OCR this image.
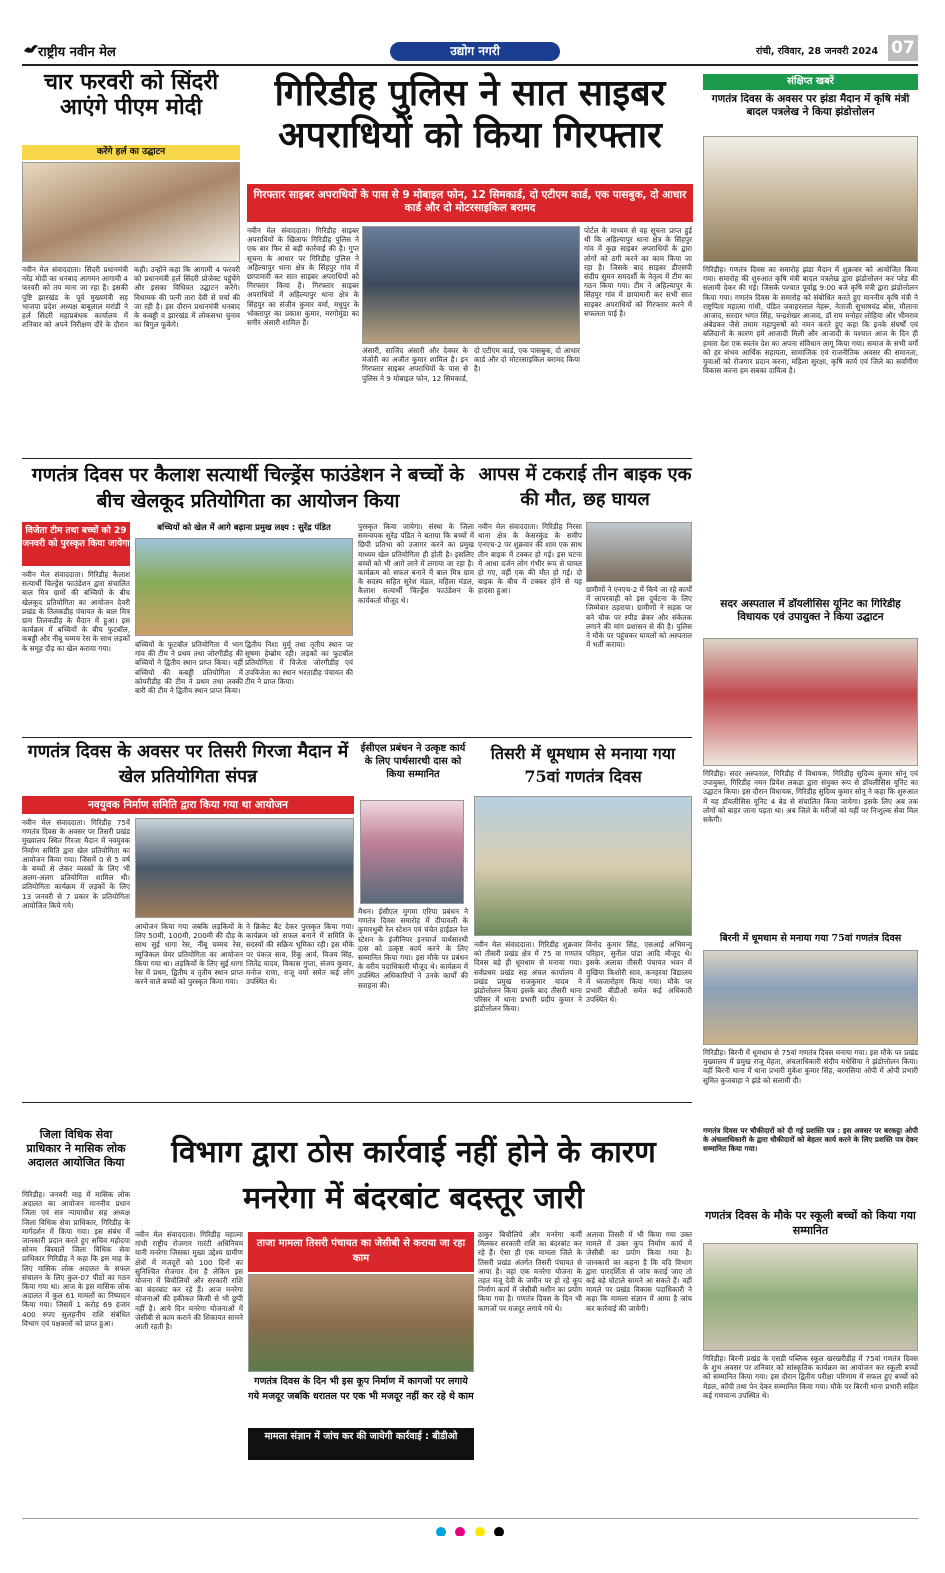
राष्ट्रीय नवीन मेल	उद्योग नगरी	रांची, रविवार, 28 जनवरी 2024 07
चार फरवरी को सिंदरी आएंगे पीएम मोदी
करेंगे हर्ल का उद्घाटन
नवीन मेल संवाददाता। सिंदरी प्रधानमंत्री नरेंद्र मोदी का धनबाद आगमन आगामी 4 फरवरी को तय माना जा रहा है। इसकी पुष्टि झारखंड के पूर्व मुख्यमंत्री सह भाजपा प्रदेश अध्यक्ष बाबूलाल मरांडी ने हर्ल सिंदरी महाप्रबंधक कार्यालय में शनिवार को अपने निरीक्षण दौरे के दौरान कही। उन्होंने कहा कि आगामी 4 फरवरी को प्रधानमंत्री हर्ल सिंदरी प्रोजेक्ट पहुंचेंगे और इसका विधिवत उद्घाटन करेंगे। विधायक की पत्नी तारा देवी से चर्चा की जा रही है। इस दौरान प्रधानमंत्री धनबाद के कबड्डी व झारखंड में लोकसभा चुनाव का बिगुल फूकेंगे।
गिरिडीह पुलिस ने सात साइबर अपराधियों को किया गिरफ्तार
गिरफ्तार साइबर अपराधियों के पास से 9 मोबाइल फोन, 12 सिमकार्ड, दो एटीएम कार्ड, एक पासबुक, दो आधार कार्ड और दो मोटरसाइकिल बरामद
नवीन मेल संवाददाता। गिरिडीह साइबर अपराधियों के खिलाफ गिरिडीह पुलिस ने एक बार फिर से बड़ी कार्रवाई की है। गुप्त सूचना के आधार पर गिरिडीह पुलिस ने अहिल्यापुर थाना क्षेत्र के सिंहपुर गांव में छापामारी कर सात साइबर अपराधियों को गिरफ्तार किया है। गिरफ्तार साइबर अपराधियों में अहिल्यापुर थाना क्षेत्र के सिंहपुर का संजीव कुमार वर्मा, मधुपुर के भोक्तापुर का प्रकाश कुमार, मरगोमुंडा का सगीर अंसारी शामिल हैं।
अंसारी, साजिद अंसारी और देवघर के मंजोरी का अजीत कुमार शामिल है। इन गिरफ्तार साइबर अपराधियों के पास से पुलिस ने 9 मोबाइल फोन, 12 सिमकार्ड, दो एटीएम कार्ड, एक पासबुक, दो आधार कार्ड और दो मोटरसाइकिल बरामद किया है।
पोर्टल के माध्यम से वह सूचना प्राप्त हुई थी कि अहिल्यापुर थाना क्षेत्र के सिंहपुर गांव में कुछ साइबर अपराधियों के द्वारा लोगों को ठगी करने का काम किया जा रहा है। जिसके बाद साइबर डीएसपी संदीप सुमन समदर्शी के नेतृत्व में टीम का गठन किया गया। टीम ने अहिल्यापुर के सिंहपुर गांव में छापामारी कर सभी सात साइबर अपराधियों को गिरफ्तार करने में सफलता पाई है।
संक्षिप्त खबरें
गणतंत्र दिवस के अवसर पर झंडा मैदान में कृषि मंत्री बादल पत्रलेख ने किया झंडोत्तोलन
गिरिडीह। गणतंत्र दिवस का समारोह झंडा मैदान में शुक्रवार को आयोजित किया गया। समारोह की शुरुआत कृषि मंत्री बादल पत्रलेख द्वारा झंडोत्तोलन कर परेड की सलामी देकर की गई। जिसके पश्चात पूर्वाह्न 9:00 बजे कृषि मंत्री द्वारा झंडोत्तोलन किया गया। गणतंत्र दिवस के समारोह को संबोधित करते हुए माननीय कृषि मंत्री ने राष्ट्रपिता महात्मा गांधी, पंडित जवाहरलाल नेहरू, नेताजी सुभाषचंद्र बोस, मौलाना आजाद, सरदार भगत सिंह, चन्द्रशेखर आजाद, डॉ राम मनोहर लोहिया और भीमराव अंबेडकर जैसे तमाम महापुरुषों को नमन करते हुए कहा कि इनके संघर्षों एवं बलिदानों के कारण हमें आजादी मिली और आजादी के पश्चात आज के दिन ही हमारा देश एक स्वतंत्र देश का अपना संविधान लागू किया गया। समाज के सभी वर्गों को हर संभव आर्थिक सहायता, सामाजिक एवं राजनीतिक अवसर की समानता, युवाओं को रोजगार प्रदान करना, महिला सुरक्षा, कृषि कार्य एवं जिले का सर्वांगीण विकास करना हम सबका दायित्व है।
गणतंत्र दिवस पर कैलाश सत्यार्थी चिल्ड्रेंस फाउंडेशन ने बच्चों के बीच खेलकूद प्रतियोगिता का आयोजन किया
विजेता टीम तथा बच्चों को 29 जनवरी को पुरस्कृत किया जायेगा
नवीन मेल संवाददाता। गिरिडीह कैलाश सत्यार्थी चिल्ड्रेंस फाउंडेशन द्वारा संचालित बाल मित्र ग्रामों की बच्चियों के बीच खेलकूद प्रतियोगिता का आयोजन देवरी प्रखंड के तिलकडीह पंचायत के बाल मित्र ग्राम तिलकडीह के मैदान में हुआ। इस कार्यक्रम में बच्चियों के बीच फुटबॉल, कबड्डी और नीबू चम्मच रेस के साथ लड़कों के समूह दौड़ का खेल कराया गया।
बच्चियों को खेल में आगे बढ़ाना प्रमुख लक्ष्य : सुरेंद्र पंडित
बच्चियों के फुटबॉल प्रतियोगिता में भाग गांव की टीम ने प्रथम तथा जोरगीडीह की बच्चियों ने द्वितीय स्थान प्राप्त किया। वहीं बच्चियों की कबड्डी प्रतियोगिता में कोयरीडीह की टीम ने प्रथम तथा लक्की बारी की टीम ने द्वितीय स्थान प्राप्त किया।
द्वितीय निशा मुर्मू तथा तृतीय स्थान पर सुषमा हेम्ब्रोम रही। लड़कों का फुटबॉल प्रतियोगिता में विजेता जोरगीडीह एवं उपविजेता का स्थान भरताडीह पंचायत की टीम ने प्राप्त किया।
पुरस्कृत किया जायेगा। संस्था के जिला समन्वयक सुरेंद्र पंडित ने बताया कि बच्चों में छिपी प्रतिभा को उजागर करने का प्रमुख माध्यम खेल प्रतियोगिता ही होती है। इसलिए बच्चों को भी आगे लाने में लगाया जा रहा है। कार्यक्रम को सफल बनाने में बाल मित्र ग्राम के सदस्य सहित सुरेश मंडल, महिला मंडल, कैलाश सत्यार्थी चिल्ड्रेंस फाउंडेशन के कार्यकर्ता मौजूद थे।
आपस में टकराई तीन बाइक एक की मौत, छह घायल
नवीन मेल संवाददाता। गिरिडीह निरसा थाना क्षेत्र के केसरकुंड के समीप एनएच-2 पर शुक्रवार की शाम एक साथ तीन बाइक में टक्कर हो गई। इस घटना में आधा दर्जन लोग गंभीर रूप से घायल हो गए, वहीं एक की मौत हो गई। दो बाइक के बीच में टक्कर होने से यह हादसा हुआ।	ग्रामीणों ने एनएच-2 में किये जा रहे कार्यों में लापरवाही को इस दुर्घटना के लिए जिम्मेवार ठहराया। ग्रामीणों ने सड़क पर बने चौक पर स्पीड ब्रेकर और संकेतक लगाने की मांग प्रशासन से की है। पुलिस ने मौके पर पहुंचकर घायलों को अस्पताल में भर्ती कराया।
सदर अस्पताल में डॉयलीसिस यूनिट का गिरिडीह विधायक एवं उपायुक्त ने किया उद्घाटन
गिरिडीह। सदर अस्पताल, गिरिडीह में विधायक, गिरिडीह सुदिव्य कुमार सोनू एवं उपायुक्त, गिरिडीह नमन प्रियेश लकड़ा द्वारा संयुक्त रूप से डॉयलीसिस यूनिट का उद्घाटन किया। इस दौरान विधायक, गिरिडीह सुदिव्य कुमार सोनू ने कहा कि शुरुआत में यह डॉयलीसिस यूनिट 4 बेड से संचालित किया जायेगा। इसके लिए अब तक लोगों को बाहर जाना पड़ता था। अब जिले के मरीजों को यहीं पर निःशुल्क सेवा मिल सकेगी।
बिरनी में धूमधाम से मनाया गया 75वां गणतंत्र दिवस
गिरिडीह। बिरनी में धूमधाम से 75वां गणतंत्र दिवस मनाया गया। इस मौके पर प्रखंड मुख्यालय में प्रमुख राजू मेहता, अंचलाधिकारी संदीप मधेसिया ने झंडोत्तोलन किया। वहीं बिरनी थाना में थाना प्रभारी मुकेश कुमार सिंह, बरमसिया ओपी में ओपी प्रभारी सुमित कुजबाहा ने झंडे को सलामी दी।
गणतंत्र दिवस पर चौकीदारों को दी गई प्रशस्ति पत्र : इस अवसर पर बरकट्ठा ओपी के अंचलाधिकारी के द्वारा चौकीदारों को बेहतर कार्य करने के लिए प्रशस्ति पत्र देकर सम्मानित किया गया।
गणतंत्र दिवस के मौके पर स्कूली बच्चों को किया गया सम्मानित
गिरिडीह। बिरनी प्रखंड के एसडी पब्लिक स्कूल खरखरीडीह में 75वां गणतंत्र दिवस के शुभ अवसर पर शनिवार को सांस्कृतिक कार्यक्रम का आयोजन कर स्कूली बच्चों को सम्मानित किया गया। इस दौरान द्वितीय परीक्षा परिणाम में सफल हुए बच्चों को मेडल, कॉपी तथा पेन देकर सम्मानित किया गया। मौके पर बिरनी थाना प्रभारी सहित कई गणमान्य उपस्थित थे।
गणतंत्र दिवस के अवसर पर तिसरी गिरजा मैदान में खेल प्रतियोगिता संपन्न
नवयुवक निर्माण समिति द्वारा किया गया था आयोजन
नवीन मेल संवाददाता। गिरिडीह 75वें गणतंत्र दिवस के अवसर पर तिसरी प्रखंड मुख्यालय स्थित गिरजा मैदान में नवयुवक निर्माण समिति द्वारा खेल प्रतियोगिता का आयोजन किया गया। जिसमें 0 से 5 वर्ष के बच्चों से लेकर व्यस्कों के लिए भी अलग-अलग प्रतियोगिता शामिल थी। प्रतियोगिता कार्यक्रम में लड़कों के लिए 13 जनवरी से 7 प्रकार के प्रतियोगिता आयोजित किये गये।
आयोजन किया गया जबकि लड़कियों के लिए 50मी, 100मी, 200मी की दौड़ के साथ सुई धागा रेस, नींबू चम्मच रेस, म्यूजिकल चेयर प्रतियोगिता का आयोजन किया गया था। लड़कियों के लिए सुई धागा रेस में प्रथम, द्वितीय व तृतीय स्थान प्राप्त करने वाले बच्चों को पुरस्कृत किया गया।
ने क्रिकेट बैट देकर पुरस्कृत किया गया। कार्यक्रम को सफल बनाने में समिति के सदस्यों की सक्रिय भूमिका रही। इस मौके पर पंकज साव, रिंकू आर्य, विजय सिंह, जितेंद्र यादव, विकास गुप्ता, संजय कुमार, मनोज राणा, राजू वर्मा समेत कई लोग उपस्थित थे।
ईसीएल प्रबंधन ने उत्कृष्ट कार्य के लिए पार्थसारथी दास को किया सम्मानित
मैथन। ईसीएल मुगमा एरिया प्रबंधन ने गणतंत्र दिवस समारोह में दीपावली के कुमारधुबी रेल स्टेशन एवं चंचेत हाईडल रेल स्टेशन के इंजीनियर इनचार्ज पार्थसारथी दास को उत्कृष्ट कार्य करने के लिए सम्मानित किया गया। इस मौके पर प्रबंधन के वरीय पदाधिकारी मौजूद थे। कार्यक्रम में उपस्थित अधिकारियों ने उनके कार्यों की सराहना की।
तिसरी में धूमधाम से मनाया गया 75वां गणतंत्र दिवस
नवीन मेल संवाददाता। गिरिडीह शुक्रवार को तीसरी प्रखंड क्षेत्र में 75 वा गणतंत्र दिवस बड़े ही धूमधाम से मनाया गया। सर्वप्रथम प्रखंड सह अंचल कार्यालय में प्रखंड प्रमुख राजकुमार यादव ने झंडोत्तोलन किया इसके बाद तीसरी थाना परिसर में थाना प्रभारी प्रदीप कुमार ने झंडोत्तोलन किया।
विनोद कुमार सिंह, एसआई अभिमन्यु परिहार, सुनील पांडा आदि मौजूद थे। इसके अलावा तीसरी पंचायत भवन में मुखिया किशोरी साव, कनहरवा विद्यालय में ध्वजारोहण किया गया। मौके पर प्रभारी बीडीओ समेत कई अधिकारी उपस्थित थे।
जिला विधिक सेवा प्राधिकार ने मासिक लोक अदालत आयोजित किया
गिरिडीह। जनवरी माह में मासिक लोक अदालत का आयोजन माननीय प्रधान जिला एवं सत्र न्यायाधीश सह अध्यक्ष जिला विधिक सेवा प्राधिकार, गिरिडीह के मार्गदर्शन में किया गया। इस संबंध में जानकारी प्रदान करते हुए सचिव महोदया सोनम बिस्वालें जिला विधिक सेवा प्राधिकार गिरिडीह ने कहा कि इस माह के लिए मासिक लोक अदालत के सफल संचालन के लिए कुल-07 पीठों का गठन किया गया था। आज के इस मासिक लोक अदालत में कुल 61 मामलों का निष्पादन किया गया। जिसमें 1 करोड़ 69 हजार 400 रुपए सुलहनीय राशि संबंधित विभाग एवं पक्षकारों को प्राप्त हुआ।
विभाग द्वारा ठोस कार्रवाई नहीं होने के कारण मनरेगा में बंदरबांट बदस्तूर जारी
नवीन मेल संवाददाता। गिरिडीह महात्मा गांधी राष्ट्रीय रोजगार गारंटी अधिनियम यानी मनरेगा जिसका मुख्य उद्देश्य ग्रामीण क्षेत्रों में मजदूरों को 100 दिनों का सुनिश्चित रोजगार देना है लेकिन इस योजना में बिचौलियों और सरकारी राशि का बंदरबांट कर रहे हैं। आज मनरेगा योजनाओं की हकीकत किसी से भी छुपी नहीं है। आये दिन मनरेगा योजनाओं में जेसीबी से काम कराने की शिकायत सामने आती रहती है।
ताजा मामला तिसरी पंचायत का जेसीबी से कराया जा रहा काम
गणतंत्र दिवस के दिन भी इस कूप निर्माण में कागजों पर लगाये गये मजदूर जबकि धरातल पर एक भी मजदूर नहीं कर रहे थे काम
मामला संज्ञान में जांच कर की जायेगी कार्रवाई : बीडीओ
ठाकुर बिचौलिये और मनरेगा कर्मी मिलकर सरकारी राशि का बंदरबांट कर रहे हैं। ऐसा ही एक मामला जिले के तिसरी प्रखंड अंतर्गत तिसरी पंचायत से आया है। वहां एक मनरेगा योजना के तहत मंजू देवी के जमीन पर हो रहे कूप निर्माण कार्य में जेसीबी मशीन का प्रयोग किया गया है। गणतंत्र दिवस के दिन भी कागजों पर मजदूर लगाये गये थे।
अलावा तिसरी में भी किया गया उक्त मामले में उक्त कूप निर्माण कार्य में जेसीबी का प्रयोग किया गया है। जानकारों का कहना है कि यदि विभाग द्वारा पारदर्शिता से जांच कराई जाए तो कई बड़े घोटाले सामने आ सकते हैं। वहीं मामले पर प्रखंड विकास पदाधिकारी ने कहा कि मामला संज्ञान में आया है जांच कर कार्रवाई की जायेगी।
